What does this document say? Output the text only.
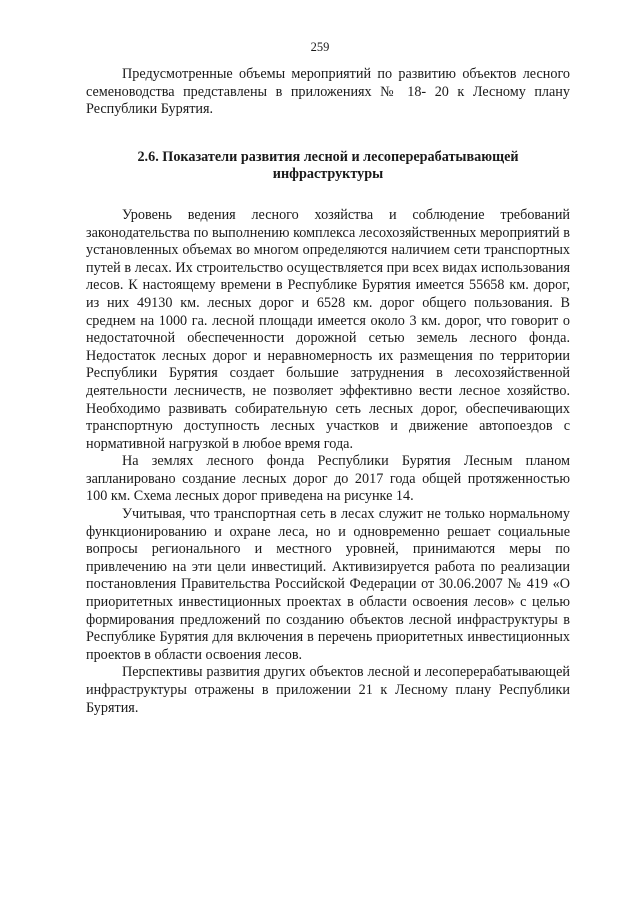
259

Предусмотренные объемы мероприятий по развитию объектов лесного семеноводства представлены в приложениях № 18- 20 к Лесному плану Республики Бурятия.

2.6. Показатели развития лесной и лесоперерабатывающей
инфраструктуры

Уровень ведения лесного хозяйства и соблюдение требований законодательства по выполнению комплекса лесохозяйственных мероприятий в установленных объемах во многом определяются наличием сети транспортных путей в лесах. Их строительство осуществляется при всех видах использования лесов. К настоящему времени в Республике Бурятия имеется 55658 км. дорог, из них 49130 км. лесных дорог и 6528 км. дорог общего пользования. В среднем на 1000 га. лесной площади имеется около 3 км. дорог, что говорит о недостаточной обеспеченности дорожной сетью земель лесного фонда. Недостаток лесных дорог и неравномерность их размещения по территории Республики Бурятия создает большие затруднения в лесохозяйственной деятельности лесничеств, не позволяет эффективно вести лесное хозяйство. Необходимо развивать собирательную сеть лесных дорог, обеспечивающих транспортную доступность лесных участков и движение автопоездов с нормативной нагрузкой в любое время года.

На землях лесного фонда Республики Бурятия Лесным планом запланировано создание лесных дорог до 2017 года общей протяженностью 100 км. Схема лесных дорог приведена на рисунке 14.

Учитывая, что транспортная сеть в лесах служит не только нормальному функционированию и охране леса, но и одновременно решает социальные вопросы регионального и местного уровней, принимаются меры по привлечению на эти цели инвестиций. Активизируется работа по реализации постановления Правительства Российской Федерации от 30.06.2007 № 419 «О приоритетных инвестиционных проектах в области освоения лесов» с целью формирования предложений по созданию объектов лесной инфраструктуры в Республике Бурятия для включения в перечень приоритетных инвестиционных проектов в области освоения лесов.

Перспективы развития других объектов лесной и лесоперерабатывающей инфраструктуры отражены в приложении 21 к Лесному плану Республики Бурятия.
